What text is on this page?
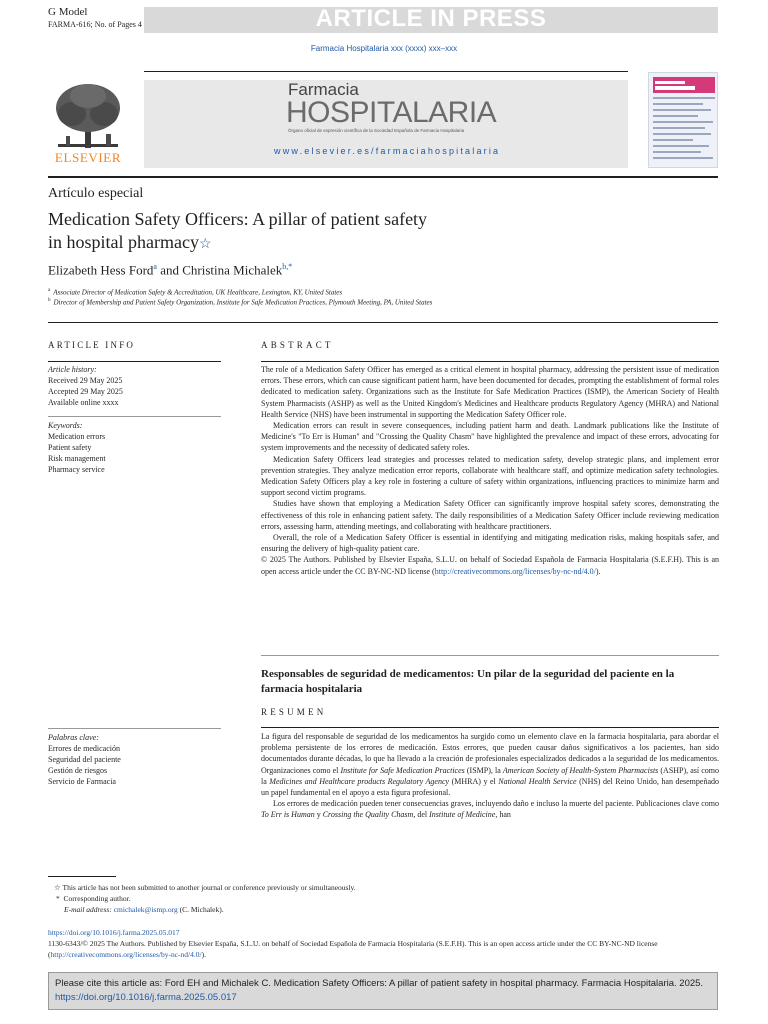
G Model
FARMA-616; No. of Pages 4	ARTICLE IN PRESS
Farmacia Hospitalaria xxx (xxxx) xxx–xxx
ELSEVIER
Farmacia
HOSPITALARIA
Órgano oficial de expresión científica de la Sociedad Española de Farmacia Hospitalaria
www.elsevier.es/farmaciahospitalaria
Artículo especial
Medication Safety Officers: A pillar of patient safety
in hospital pharmacy☆
Elizabeth Hess Ford$^a$ and Christina Michalek$^{b,*}$
$^a$ Associate Director of Medication Safety & Accreditation, UK Healthcare, Lexington, KY, United States
$^b$ Director of Membership and Patient Safety Organization, Institute for Safe Medication Practices, Plymouth Meeting, PA, United States
ARTICLE INFO
Article history:
Received 29 May 2025
Accepted 29 May 2025
Available online xxxx
Keywords:
Medication errors
Patient safety
Risk management
Pharmacy service
Palabras clave:
Errores de medicación
Seguridad del paciente
Gestión de riesgos
Servicio de Farmacia
ABSTRACT

The role of a Medication Safety Officer has emerged as a critical element in hospital pharmacy, addressing the persistent issue of medication errors. These errors, which can cause significant patient harm, have been documented for decades, prompting the establishment of formal roles dedicated to medication safety. Organizations such as the Institute for Safe Medication Practices (ISMP), the American Society of Health System Pharmacists (ASHP) as well as the United Kingdom's Medicines and Healthcare products Regulatory Agency (MHRA) and National Health Service (NHS) have been instrumental in supporting the Medication Safety Officer role.

Medication errors can result in severe consequences, including patient harm and death. Landmark publications like the Institute of Medicine's "To Err is Human" and "Crossing the Quality Chasm" have highlighted the prevalence and impact of these errors, advocating for system improvements and the necessity of dedicated safety roles.

Medication Safety Officers lead strategies and processes related to medication safety, develop strategic plans, and implement error prevention strategies. They analyze medication error reports, collaborate with healthcare staff, and optimize medication safety technologies. Medication Safety Officers play a key role in fostering a culture of safety within organizations, influencing practices to minimize harm and support second victim programs.

Studies have shown that employing a Medication Safety Officer can significantly improve hospital safety scores, demonstrating the effectiveness of this role in enhancing patient safety. The daily responsibilities of a Medication Safety Officer include reviewing medication errors, assessing harm, attending meetings, and collaborating with healthcare practitioners.

Overall, the role of a Medication Safety Officer is essential in identifying and mitigating medication risks, making hospitals safer, and ensuring the delivery of high-quality patient care.

© 2025 The Authors. Published by Elsevier España, S.L.U. on behalf of Sociedad Española de Farmacia Hospitalaria (S.E.F.H). This is an open access article under the CC BY-NC-ND license (http://creativecommons.org/licenses/by-nc-nd/4.0/).

Responsables de seguridad de medicamentos: Un pilar de la seguridad del paciente en la farmacia hospitalaria
RESUMEN

La figura del responsable de seguridad de los medicamentos ha surgido como un elemento clave en la farmacia hospitalaria, para abordar el problema persistente de los errores de medicación. Estos errores, que pueden causar daños significativos a los pacientes, han sido documentados durante décadas, lo que ha llevado a la creación de profesionales especializados dedicados a la seguridad de los medicamentos. Organizaciones como el Institute for Safe Medication Practices (ISMP), la American Society of Health-System Pharmacists (ASHP), así como la Medicines and Healthcare products Regulatory Agency (MHRA) y el National Health Service (NHS) del Reino Unido, han desempeñado un papel fundamental en el apoyo a esta figura profesional.

Los errores de medicación pueden tener consecuencias graves, incluyendo daño e incluso la muerte del paciente. Publicaciones clave como To Err is Human y Crossing the Quality Chasm, del Institute of Medicine, han

☆ This article has not been submitted to another journal or conference previously or simultaneously.
* Corresponding author.
E-mail address: cmichalek@ismp.org (C. Michalek).
https://doi.org/10.1016/j.farma.2025.05.017
1130-6343/© 2025 The Authors. Published by Elsevier España, S.L.U. on behalf of Sociedad Española de Farmacia Hospitalaria (S.E.F.H). This is an open access article under the CC BY-NC-ND license (http://creativecommons.org/licenses/by-nc-nd/4.0/).
Please cite this article as: Ford EH and Michalek C. Medication Safety Officers: A pillar of patient safety in hospital pharmacy. Farmacia Hospitalaria. 2025. https://doi.org/10.1016/j.farma.2025.05.017
